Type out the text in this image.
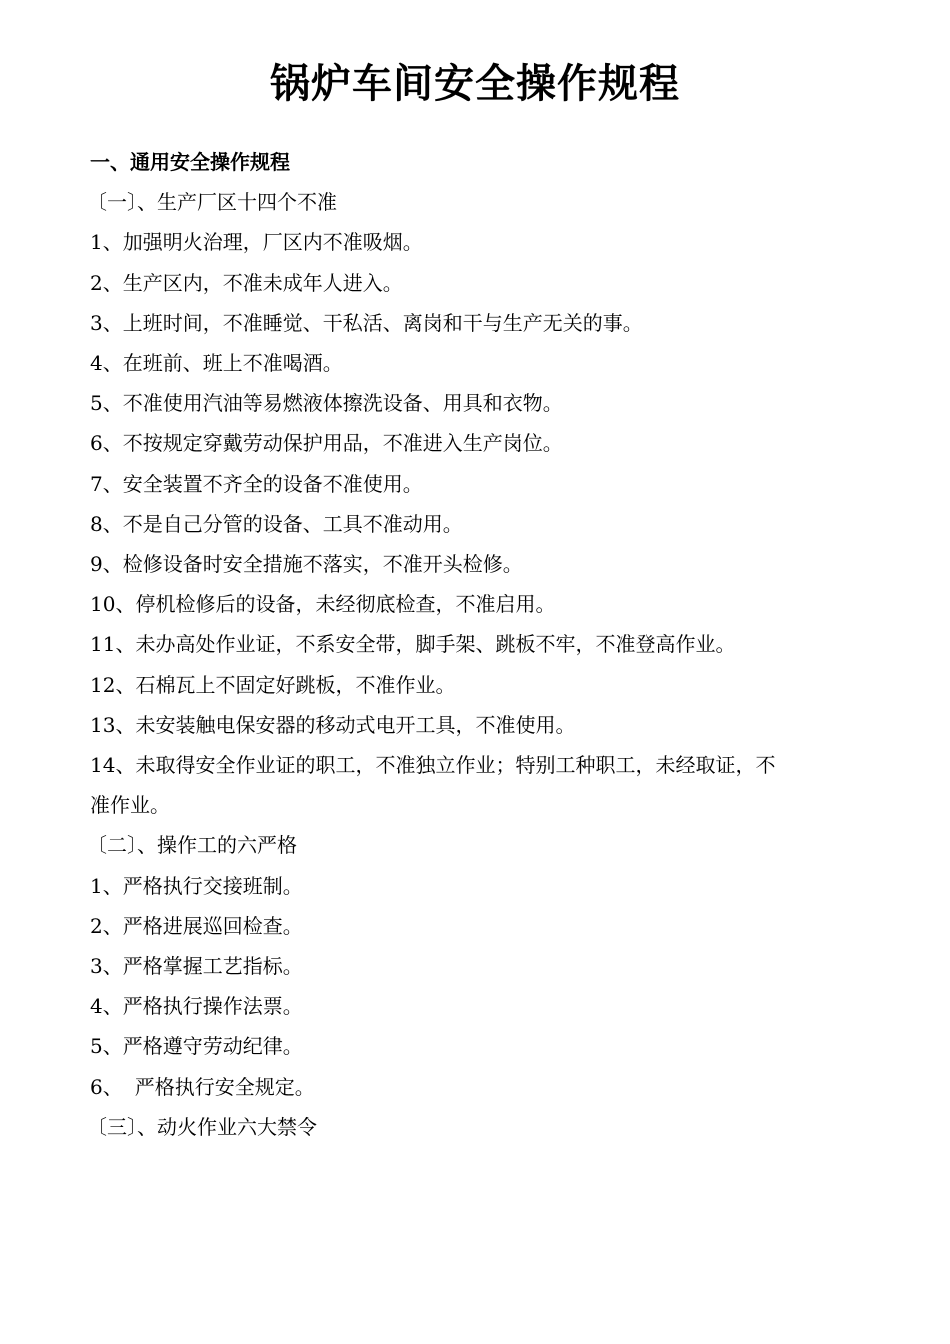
锅炉车间安全操作规程

一、通用安全操作规程

〔一〕、生产厂区十四个不准

1、加强明火治理，厂区内不准吸烟。

2、生产区内，不准未成年人进入。

3、上班时间，不准睡觉、干私活、离岗和干与生产无关的事。

4、在班前、班上不准喝酒。

5、不准使用汽油等易燃液体擦洗设备、用具和衣物。

6、不按规定穿戴劳动保护用品，不准进入生产岗位。

7、安全装置不齐全的设备不准使用。

8、不是自己分管的设备、工具不准动用。

9、检修设备时安全措施不落实，不准开头检修。

10、停机检修后的设备，未经彻底检查，不准启用。

11、未办高处作业证，不系安全带，脚手架、跳板不牢，不准登高作业。

12、石棉瓦上不固定好跳板，不准作业。

13、未安装触电保安器的移动式电开工具，不准使用。

14、未取得安全作业证的职工，不准独立作业；特别工种职工，未经取证，不

准作业。

〔二〕、操作工的六严格

1、严格执行交接班制。

2、严格进展巡回检查。

3、严格掌握工艺指标。

4、严格执行操作法票。

5、严格遵守劳动纪律。

6、 严格执行安全规定。

〔三〕、动火作业六大禁令
